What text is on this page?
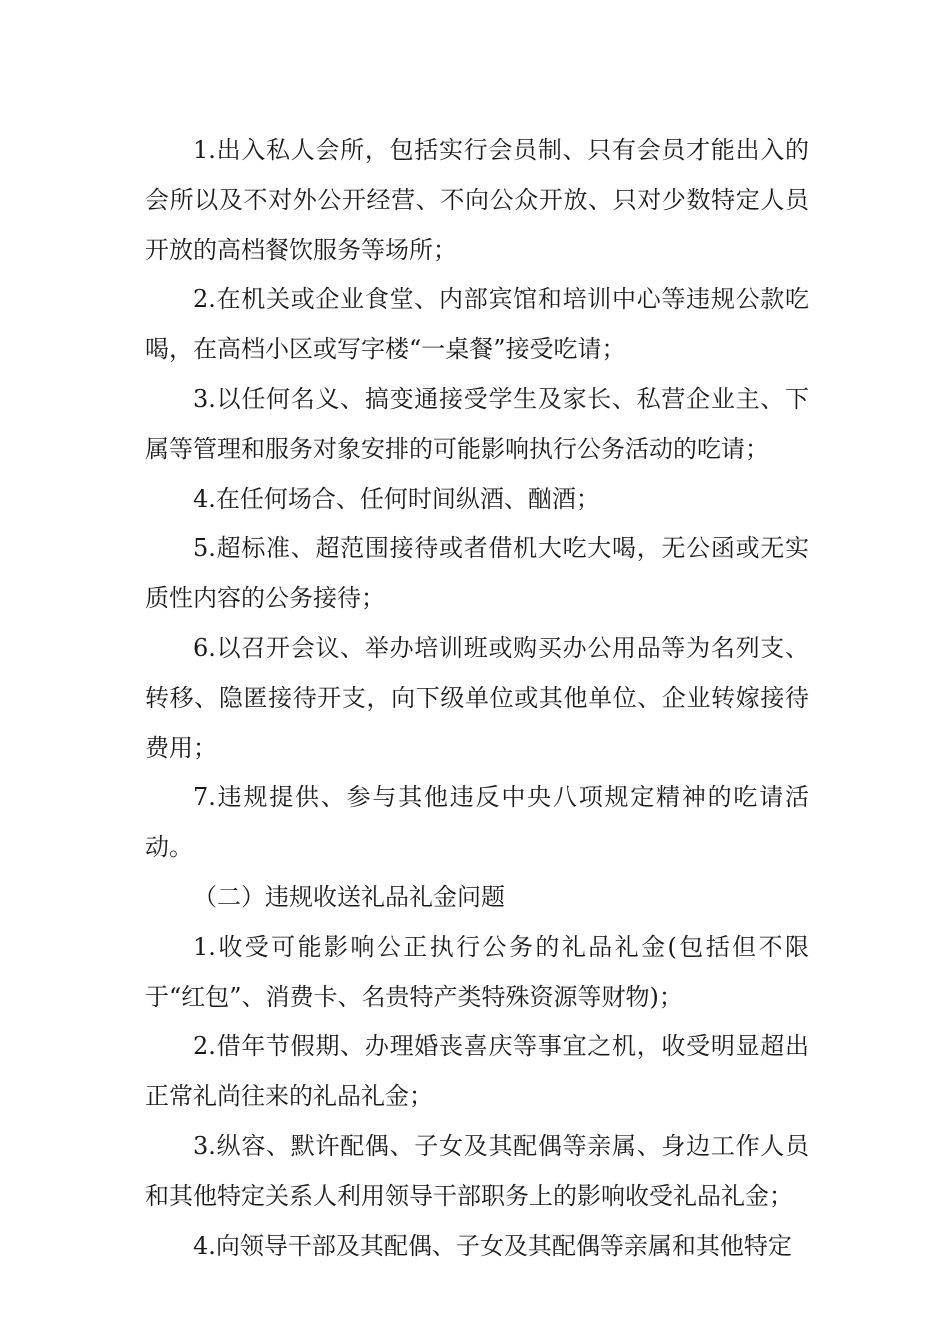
1.出入私人会所，包括实行会员制、只有会员才能出入的会所以及不对外公开经营、不向公众开放、只对少数特定人员开放的高档餐饮服务等场所；

2.在机关或企业食堂、内部宾馆和培训中心等违规公款吃喝，在高档小区或写字楼“一桌餐”接受吃请；

3.以任何名义、搞变通接受学生及家长、私营企业主、下属等管理和服务对象安排的可能影响执行公务活动的吃请；

4.在任何场合、任何时间纵酒、酗酒；

5.超标准、超范围接待或者借机大吃大喝，无公函或无实质性内容的公务接待；

6.以召开会议、举办培训班或购买办公用品等为名列支、转移、隐匿接待开支，向下级单位或其他单位、企业转嫁接待费用；

7.违规提供、参与其他违反中央八项规定精神的吃请活动。

（二）违规收送礼品礼金问题

1.收受可能影响公正执行公务的礼品礼金(包括但不限于“红包”、消费卡、名贵特产类特殊资源等财物)；

2.借年节假期、办理婚丧喜庆等事宜之机，收受明显超出正常礼尚往来的礼品礼金；

3.纵容、默许配偶、子女及其配偶等亲属、身边工作人员和其他特定关系人利用领导干部职务上的影响收受礼品礼金；

4.向领导干部及其配偶、子女及其配偶等亲属和其他特定
